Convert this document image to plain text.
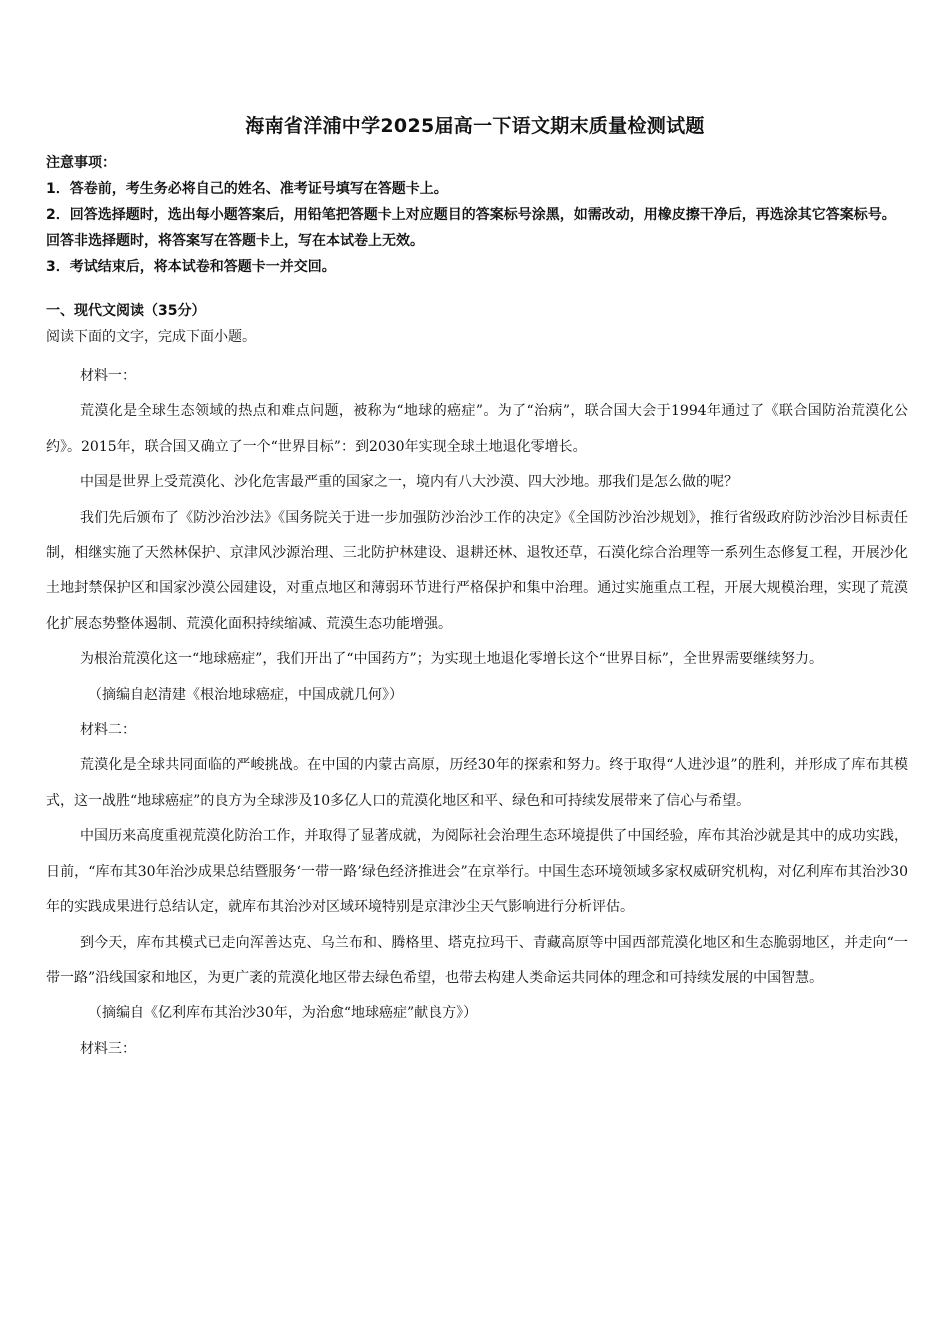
海南省洋浦中学2025届高一下语文期末质量检测试题

注意事项：

1．答卷前，考生务必将自己的姓名、准考证号填写在答题卡上。

2．回答选择题时，选出每小题答案后，用铅笔把答题卡上对应题目的答案标号涂黑，如需改动，用橡皮擦干净后，再选涂其它答案标号。回答非选择题时，将答案写在答题卡上，写在本试卷上无效。

3．考试结束后，将本试卷和答题卡一并交回。

一、现代文阅读（35分）

阅读下面的文字，完成下面小题。

材料一：

荒漠化是全球生态领域的热点和难点问题，被称为“地球的癌症”。为了“治病”，联合国大会于1994年通过了《联合国防治荒漠化公约》。2015年，联合国又确立了一个“世界目标”：到2030年实现全球土地退化零增长。

中国是世界上受荒漠化、沙化危害最严重的国家之一，境内有八大沙漠、四大沙地。那我们是怎么做的呢？

我们先后颁布了《防沙治沙法》《国务院关于进一步加强防沙治沙工作的决定》《全国防沙治沙规划》，推行省级政府防沙治沙目标责任制，相继实施了天然林保护、京津风沙源治理、三北防护林建设、退耕还林、退牧还草，石漠化综合治理等一系列生态修复工程，开展沙化土地封禁保护区和国家沙漠公园建设，对重点地区和薄弱环节进行严格保护和集中治理。通过实施重点工程，开展大规模治理，实现了荒漠化扩展态势整体遏制、荒漠化面积持续缩减、荒漠生态功能增强。

为根治荒漠化这一“地球癌症”，我们开出了“中国药方”；为实现土地退化零增长这个“世界目标”，全世界需要继续努力。

（摘编自赵清建《根治地球癌症，中国成就几何》）

材料二：

荒漠化是全球共同面临的严峻挑战。在中国的内蒙古高原，历经30年的探索和努力。终于取得“人进沙退”的胜利，并形成了库布其模式，这一战胜“地球癌症”的良方为全球涉及10多亿人口的荒漠化地区和平、绿色和可持续发展带来了信心与希望。

中国历来高度重视荒漠化防治工作，并取得了显著成就，为阅际社会治理生态环境提供了中国经验，库布其治沙就是其中的成功实践，日前，“库布其30年治沙成果总结暨服务‘一带一路’绿色经济推进会”在京举行。中国生态环境领域多家权威研究机构，对亿利库布其治沙30年的实践成果进行总结认定，就库布其治沙对区域环境特别是京津沙尘天气影响进行分析评估。

到今天，库布其模式已走向浑善达克、乌兰布和、腾格里、塔克拉玛干、青藏高原等中国西部荒漠化地区和生态脆弱地区，并走向“一带一路”沿线国家和地区，为更广袤的荒漠化地区带去绿色希望，也带去构建人类命运共同体的理念和可持续发展的中国智慧。

（摘编自《亿利库布其治沙30年，为治愈“地球癌症”献良方》）

材料三：
